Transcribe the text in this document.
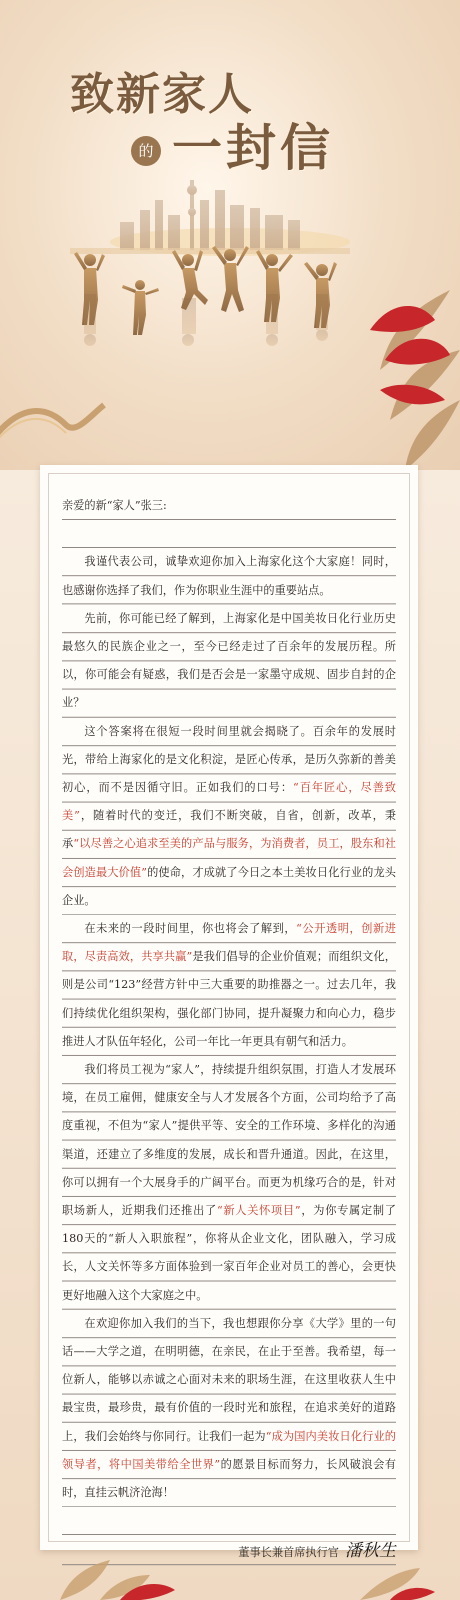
致新家人
的 一封信
亲爱的新“家人”张三:

我谨代表公司，诚挚欢迎你加入上海家化这个大家庭！同时，也感谢你选择了我们，作为你职业生涯中的重要站点。

先前，你可能已经了解到，上海家化是中国美妆日化行业历史最悠久的民族企业之一，至今已经走过了百余年的发展历程。所以，你可能会有疑惑，我们是否会是一家墨守成规、固步自封的企业？

这个答案将在很短一段时间里就会揭晓了。百余年的发展时光，带给上海家化的是文化积淀，是匠心传承，是历久弥新的善美初心，而不是因循守旧。正如我们的口号：“百年匠心，尽善致美”，随着时代的变迁，我们不断突破，自省，创新，改革，秉承“以尽善之心追求至美的产品与服务，为消费者，员工，股东和社会创造最大价值”的使命，才成就了今日之本土美妆日化行业的龙头企业。

在未来的一段时间里，你也将会了解到，“公开透明，创新进取，尽责高效，共享共赢”是我们倡导的企业价值观；而组织文化，则是公司“123”经营方针中三大重要的助推器之一。过去几年，我们持续优化组织架构，强化部门协同，提升凝聚力和向心力，稳步推进人才队伍年轻化，公司一年比一年更具有朝气和活力。

我们将员工视为“家人”，持续提升组织氛围，打造人才发展环境，在员工雇佣，健康安全与人才发展各个方面，公司均给予了高度重视，不但为“家人”提供平等、安全的工作环境、多样化的沟通渠道，还建立了多维度的发展，成长和晋升通道。因此，在这里，你可以拥有一个大展身手的广阔平台。而更为机缘巧合的是，针对职场新人，近期我们还推出了“新人关怀项目”，为你专属定制了180天的“新人入职旅程”，你将从企业文化，团队融入，学习成长，人文关怀等多方面体验到一家百年企业对员工的善心，会更快更好地融入这个大家庭之中。

在欢迎你加入我们的当下，我也想跟你分享《大学》里的一句话——大学之道，在明明德，在亲民，在止于至善。我希望，每一位新人，能够以赤诚之心面对未来的职场生涯，在这里收获人生中最宝贵，最珍贵，最有价值的一段时光和旅程，在追求美好的道路上，我们会始终与你同行。让我们一起为“成为国内美妆日化行业的领导者，将中国美带给全世界”的愿景目标而努力，长风破浪会有时，直挂云帆济沧海！

董事长兼首席执行官 潘秋生
